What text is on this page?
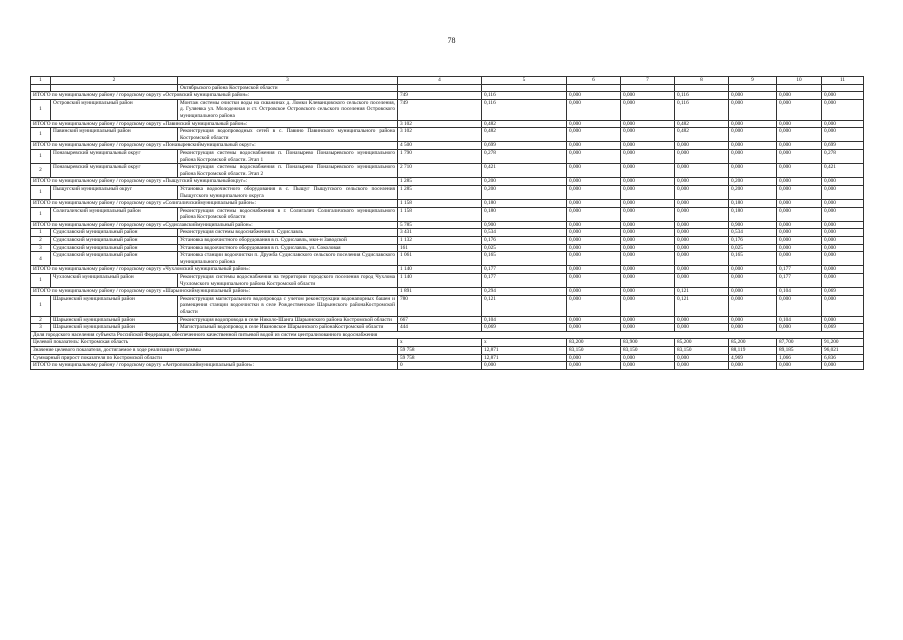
78
1	2	3	4	5	6	7	8	9	10	11
		Октябрьского района Костромской области								
ИТОГО по муниципальному району / городскому округу «Островский муниципальный район»:			749	0,116	0,000	0,000	0,116	0,000	0,000	0,000
1	Островский муниципальный район	Монтаж системы очистки воды на скважинах д. Ломки Клеванцовского сельского поселения, д. Гуляевка ул. Молодежная и ст. Островское Островского сельского поселения Островского муниципального района	749	0,116	0,000	0,000	0,116	0,000	0,000	0,000
ИТОГО по муниципальному району / городскому округу «Павинский муниципальный район»:			3 102	0,482	0,000	0,000	0,482	0,000	0,000	0,000
1	Павинский муниципальный район	Реконструкция водопроводных сетей в с. Павино Павинского муниципального района Костромской области	3 102	0,482	0,000	0,000	0,482	0,000	0,000	0,000
ИТОГО по муниципальному району / городскому округу «Поназыревскиймуниципальный округ»:			4 500	0,699	0,000	0,000	0,000	0,000	0,000	0,699
1	Поназыревский муниципальный округ	Реконструкция системы водоснабжения п. Поназырево Поназыревского муниципального района Костромской области. Этап 1	1 790	0,278	0,000	0,000	0,000	0,000	0,000	0,278
2	Поназыревский муниципальный округ	Реконструкция системы водоснабжения п. Поназырево Поназыревского муниципального района Костромской области. Этап 2	2 710	0,421	0,000	0,000	0,000	0,000	0,000	0,421
ИТОГО по муниципальному району / городскому округу «Пыщугский муниципальныйокруг»:			1 285	0,200	0,000	0,000	0,000	0,200	0,000	0,000
1	Пыщугский муниципальный округ	Установка водоочистного оборудования в с. Пыщуг Пыщугского сельского поселения Пыщугского муниципального округа	1 285	0,200	0,000	0,000	0,000	0,200	0,000	0,000
ИТОГО по муниципальному району / городскому округу «Солигаличскиймуниципальный район»:			1 158	0,180	0,000	0,000	0,000	0,180	0,000	0,000
1	Солигаличский муниципальный район	Реконструкция системы водоснабжения в г. Солигалич Солигаличского муниципального района Костромской области	1 158	0,180	0,000	0,000	0,000	0,180	0,000	0,000
ИТОГО по муниципальному району / городскому округу «Судиславскиймуниципальный район»:			5 785	0,900	0,000	0,000	0,000	0,900	0,000	0,000
1	Судиславский муниципальный район	Реконструкция системы водоснабжения п. Судиславль	3 431	0,534	0,000	0,000	0,000	0,534	0,000	0,000
2	Судиславский муниципальный район	Установка водоочистного оборудования в п. Судиславль, мкн-н Заводской	1 132	0,176	0,000	0,000	0,000	0,176	0,000	0,000
3	Судиславский муниципальный район	Установка водоочистного оборудования в п. Судиславль, ул. Соколовая	161	0,025	0,000	0,000	0,000	0,025	0,000	0,000
4	Судиславский муниципальный район	Установка станции водоочистки п. Дружба Судиславского сельского поселения Судиславского муниципального района	1 061	0,165	0,000	0,000	0,000	0,165	0,000	0,000
ИТОГО по муниципальному району / городскому округу «Чухломский муниципальный район»:			1 140	0,177	0,000	0,000	0,000	0,000	0,177	0,000
1	Чухломский муниципальный район	Реконструкция системы водоснабжения на территории городского поселения город Чухлома Чухломского муниципального района Костромской области	1 140	0,177	0,000	0,000	0,000	0,000	0,177	0,000
ИТОГО по муниципальному району / городскому округу «Шарьинскиймуниципальный район»:			1 891	0,294	0,000	0,000	0,121	0,000	0,104	0,069
1	Шарьинский муниципальный район	Реконструкция магистрального водопровода с учетом реконструкции водонапорных башен и размещения станции водоочистки в селе Рождественское Шарьинского районаКостромской области	780	0,121	0,000	0,000	0,121	0,000	0,000	0,000
2	Шарьинский муниципальный район	Реконструкция водопровода в селе Николо-Шанга Шарьинского района Костромской области	667	0,104	0,000	0,000	0,000	0,000	0,104	0,000
3	Шарьинский муниципальный район	Магистральный водопровод в селе Ивановское Шарьинского районаКостромской области	444	0,069	0,000	0,000	0,000	0,000	0,000	0,069
Доля городского населения субъекта Российской Федерации, обеспеченного качественной питьевой водой из систем централизованного водоснабжения										
Целевой показатель: Костромская область			х	х	83,200	83,900	85,200	85,200	87,700	91,200
Значение целевого показателя, достигаемое в ходе реализации программы			59 758	12,871	83,150	83,150	83,150	88,119	89,185	96,021
Суммарный прирост показателя по Костромской области			59 758	12,871	0,000	0,000	0,000	4,969	1,066	6,836
ИТОГО по муниципальному району / городскому округу «Антроповскиймуниципальный район»:			0	0,000	0,000	0,000	0,000	0,000	0,000	0,000
